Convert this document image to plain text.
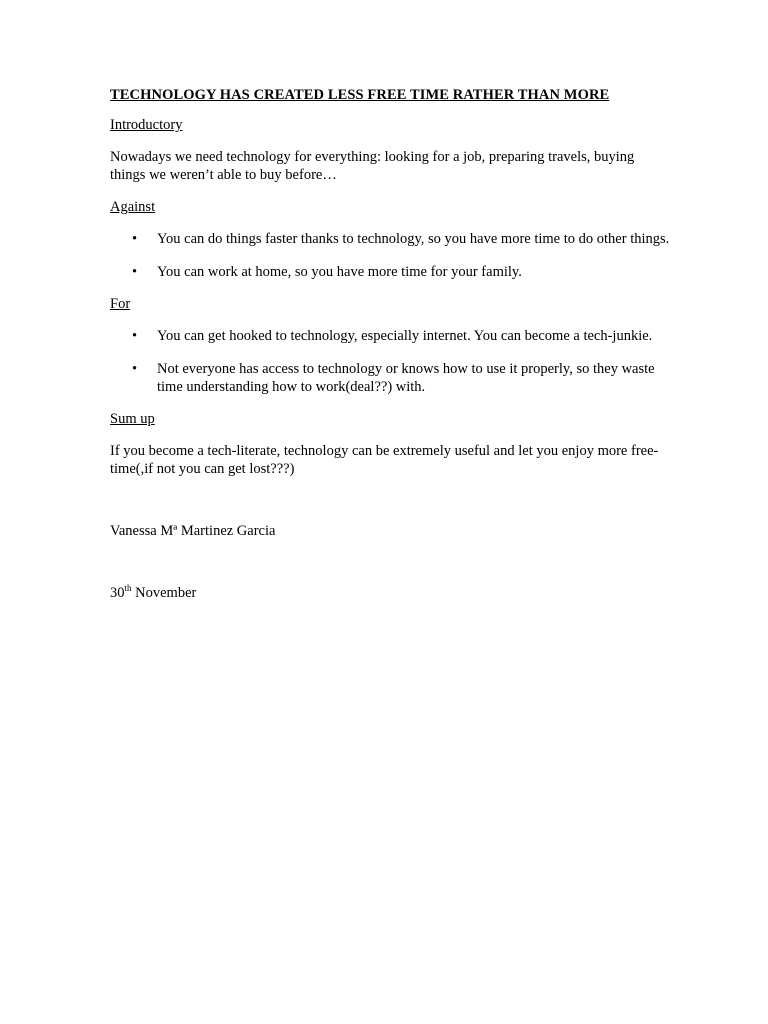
TECHNOLOGY HAS CREATED LESS FREE TIME RATHER THAN MORE
Introductory
Nowadays we need technology for everything: looking for a job, preparing travels, buying things we weren’t able to buy before…
Against
• You can do things faster thanks to technology, so you have more time to do other things.
• You can work at home, so you have more time for your family.
For
• You can get hooked to technology, especially internet. You can become a tech-junkie.
• Not everyone has access to technology or knows how to use it properly, so they waste time understanding how to work(deal??) with.
Sum up
If you become a tech-literate, technology can be extremely useful and let you enjoy more free-time(,if not you can get lost???)
Vanessa Mª Martinez Garcia
30th November
